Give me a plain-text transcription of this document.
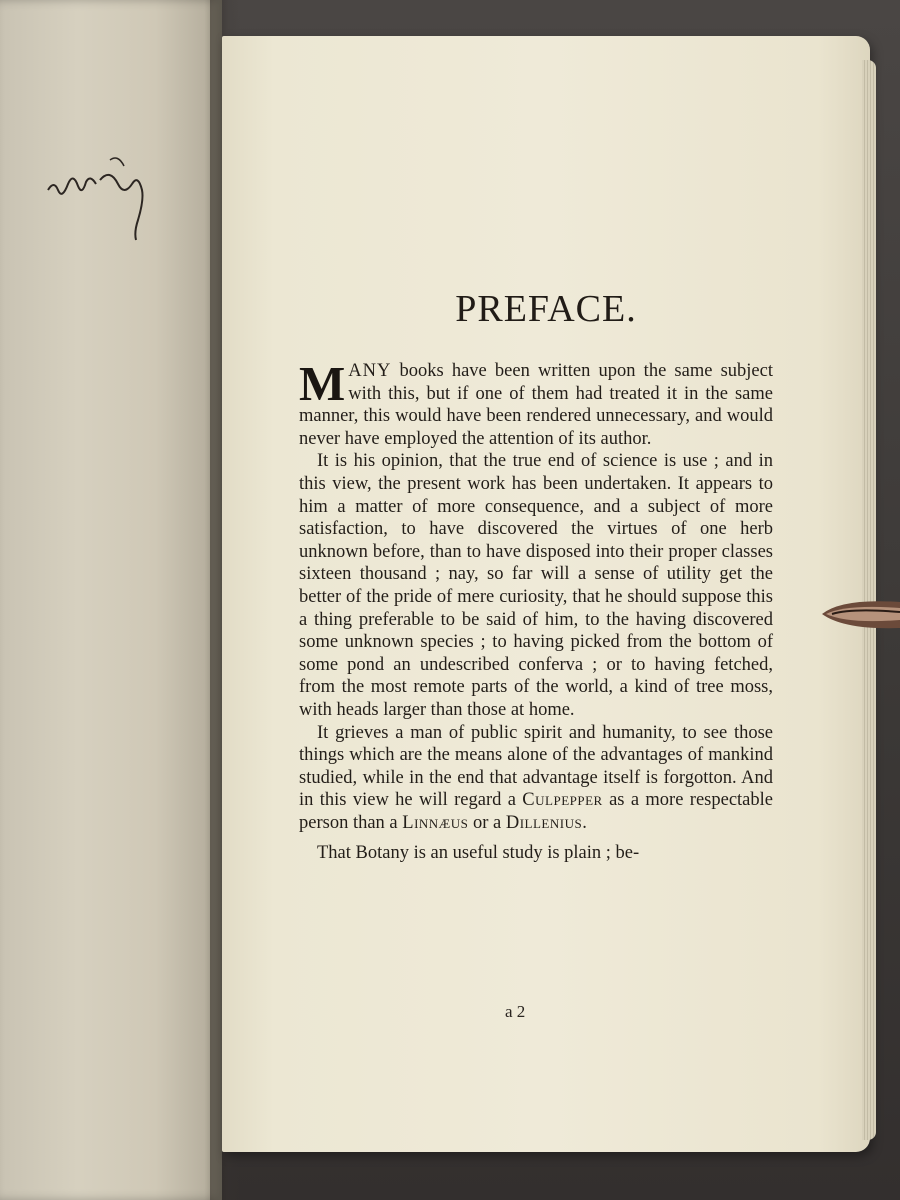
PREFACE.

MANY books have been written upon the same subject with this, but if one of them had treated it in the same manner, this would have been rendered unnecessary, and would never have employed the attention of its author.

It is his opinion, that the true end of science is use ; and in this view, the present work has been undertaken. It appears to him a matter of more consequence, and a subject of more satisfaction, to have discovered the virtues of one herb unknown before, than to have disposed into their proper classes sixteen thousand ; nay, so far will a sense of utility get the better of the pride of mere curiosity, that he should suppose this a thing preferable to be said of him, to the having discovered some unknown species ; to having picked from the bottom of some pond an undescribed conferva ; or to having fetched, from the most remote parts of the world, a kind of tree moss, with heads larger than those at home.

It grieves a man of public spirit and humanity, to see those things which are the means alone of the advantages of mankind studied, while in the end that advantage itself is forgotton. And in this view he will regard a Culpepper as a more respectable person than a Linnæus or a Dillenius.

That Botany is an useful study is plain ; be-

a 2
